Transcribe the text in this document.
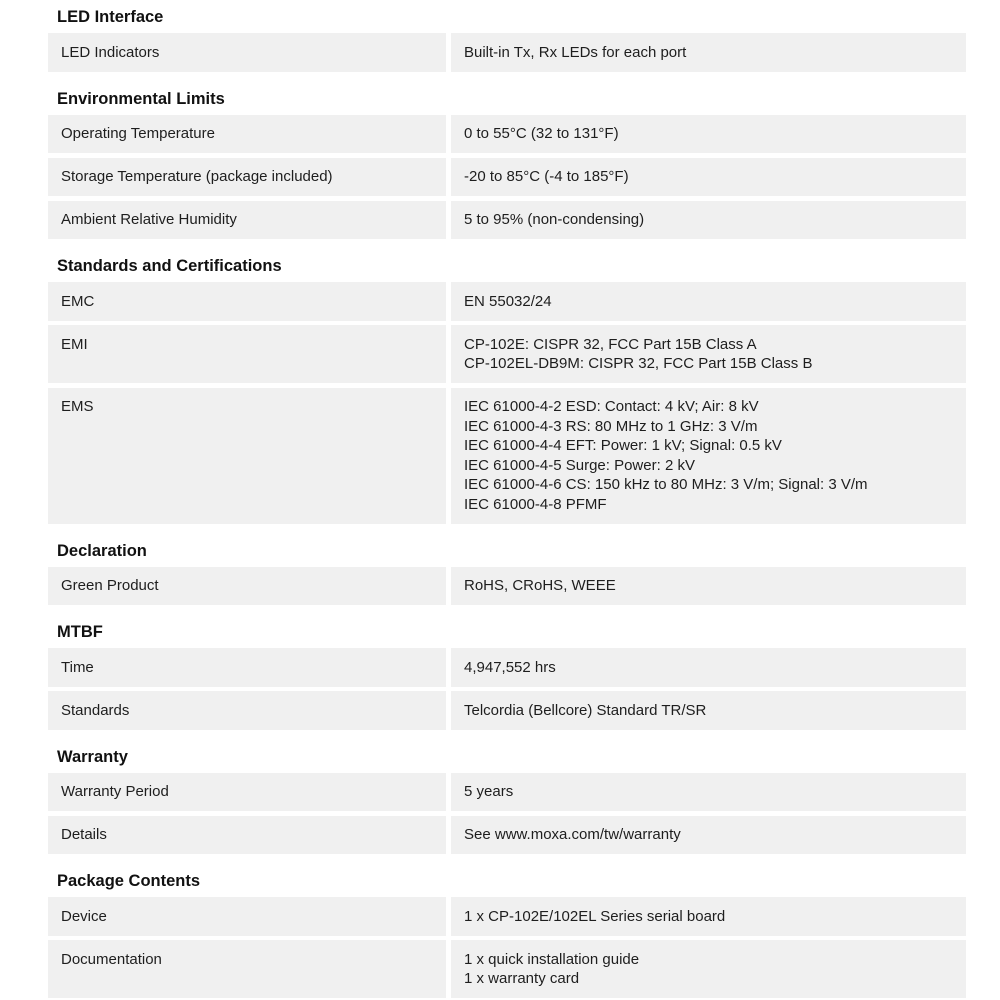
LED Interface
LED Indicators	Built-in Tx, Rx LEDs for each port
Environmental Limits
Operating Temperature	0 to 55°C (32 to 131°F)
Storage Temperature (package included)	-20 to 85°C (-4 to 185°F)
Ambient Relative Humidity	5 to 95% (non-condensing)
Standards and Certifications
EMC	EN 55032/24
EMI	CP-102E: CISPR 32, FCC Part 15B Class A
CP-102EL-DB9M: CISPR 32, FCC Part 15B Class B
EMS	IEC 61000-4-2 ESD: Contact: 4 kV; Air: 8 kV
IEC 61000-4-3 RS: 80 MHz to 1 GHz: 3 V/m
IEC 61000-4-4 EFT: Power: 1 kV; Signal: 0.5 kV
IEC 61000-4-5 Surge: Power: 2 kV
IEC 61000-4-6 CS: 150 kHz to 80 MHz: 3 V/m; Signal: 3 V/m
IEC 61000-4-8 PFMF
Declaration
Green Product	RoHS, CRoHS, WEEE
MTBF
Time	4,947,552 hrs
Standards	Telcordia (Bellcore) Standard TR/SR
Warranty
Warranty Period	5 years
Details	See www.moxa.com/tw/warranty
Package Contents
Device	1 x CP-102E/102EL Series serial board
Documentation	1 x quick installation guide
1 x warranty card
